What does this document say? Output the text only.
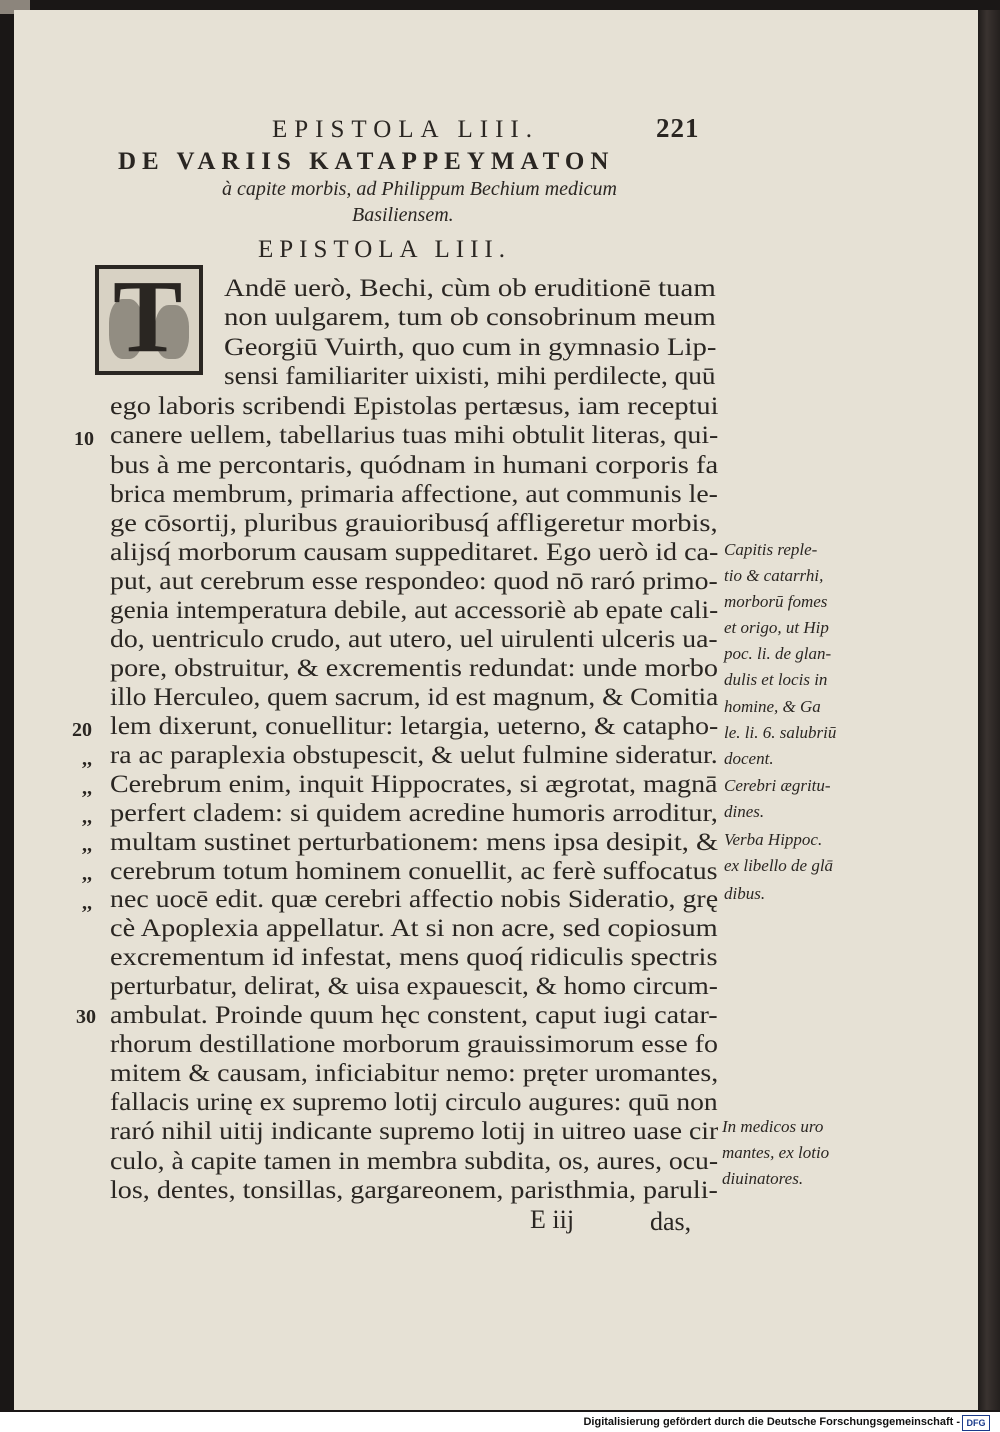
EPISTOLA LIII.	221
DE VARIIS KATAPPEYMATON
à capite morbis, ad Philippum Bechium medicum
Basiliensem.
EPISTOLA LIII.
T Andē uerò, Bechi, cùm ob eruditionē tuam
non uulgarem, tum ob consobrinum meum
Georgiū Vuirth, quo cum in gymnasio Lip-
sensi familiariter uixisti, mihi perdilecte, quū
ego laboris scribendi Epistolas pertæsus, iam receptui
canere uellem, tabellarius tuas mihi obtulit literas, qui-
bus à me percontaris, quódnam in humani corporis fa
brica membrum, primaria affectione, aut communis le-
ge cōsortij, pluribus grauioribusq́ affligeretur morbis,
alijsq́ morborum causam suppeditaret. Ego uerò id ca-
put, aut cerebrum esse respondeo: quod nō raró primo-
genia intemperatura debile, aut accessoriè ab epate cali-
do, uentriculo crudo, aut utero, uel uirulenti ulceris ua-
pore, obstruitur, & excrementis redundat: unde morbo
illo Herculeo, quem sacrum, id est magnum, & Comitia
lem dixerunt, conuellitur: letargia, ueterno, & catapho-
ra ac paraplexia obstupescit, & uelut fulmine sideratur.
Cerebrum enim, inquit Hippocrates, si ægrotat, magnā
perfert cladem: si quidem acredine humoris arroditur,
multam sustinet perturbationem: mens ipsa desipit, &
cerebrum totum hominem conuellit, ac ferè suffocatus
nec uocē edit. quæ cerebri affectio nobis Sideratio, grę
cè Apoplexia appellatur. At si non acre, sed copiosum
excrementum id infestat, mens quoq́ ridiculis spectris
perturbatur, delirat, & uisa expauescit, & homo circum-
ambulat. Proinde quum hęc constent, caput iugi catar-
rhorum destillatione morborum grauissimorum esse fo
mitem & causam, inficiabitur nemo: pręter uromantes,
fallacis urinę ex supremo lotij circulo augures: quū non
raró nihil uitij indicante supremo lotij in uitreo uase cir
culo, à capite tamen in membra subdita, os, aures, ocu-
los, dentes, tonsillas, gargareonem, paristhmia, paruli-
10
20
30
,,
,,
,,
,,
,,
,,
Capitis reple-
tio & catarrhi,
morborū fomes
et origo, ut Hip
poc. li. de glan-
dulis et locis in
homine, & Ga
le. li. 6. salubriū
docent.
Cerebri ægritu-
dines.
Verba Hippoc.
ex libello de glā
dibus.
In medicos uro
mantes, ex lotio
diuinatores.
E iij	das,
Digitalisierung gefördert durch die Deutsche Forschungsgemeinschaft - DFG
